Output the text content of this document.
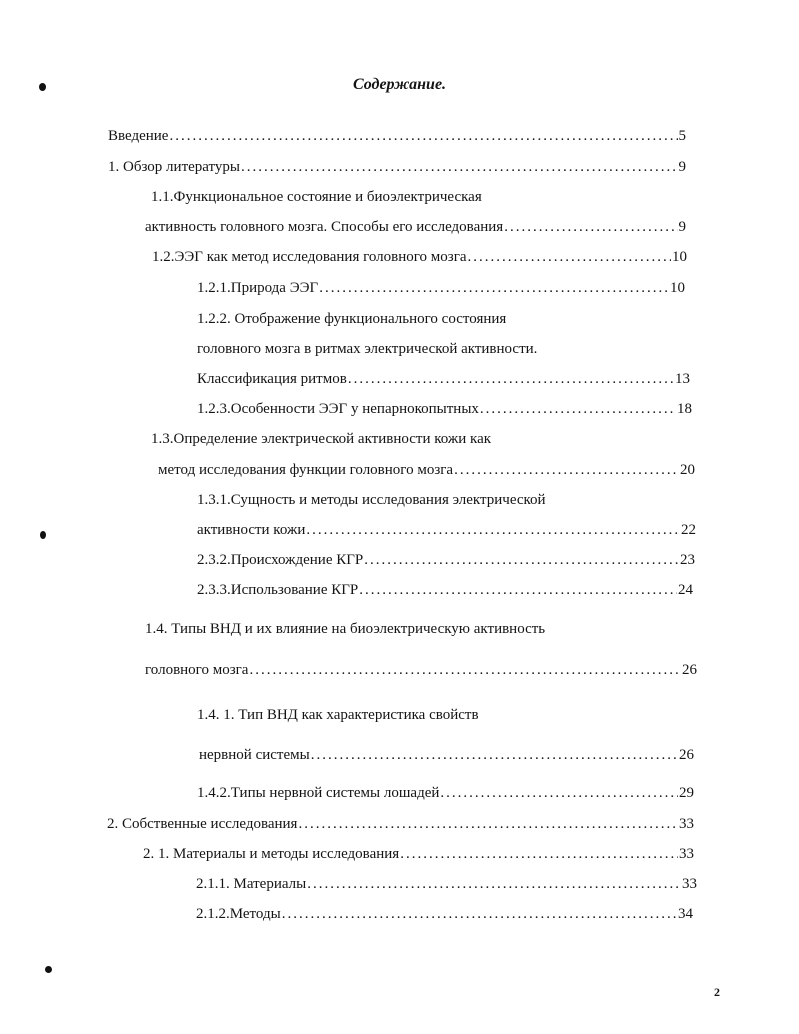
Содержание.
Введение .....	5
1. Обзор литературы .....	9
1.1.Функциональное состояние и биоэлектрическая
активность головного мозга. Способы его исследования .....	9
1.2.ЭЭГ как метод исследования головного мозга .....	10
1.2.1.Природа ЭЭГ .....	10
1.2.2. Отображение функционального состояния
головного мозга в ритмах электрической активности.
Классификация ритмов .....	13
1.2.3.Особенности ЭЭГ у непарнокопытных .....	18
1.3.Определение электрической активности кожи как
метод исследования функции головного мозга .....	20
1.3.1.Сущность и методы исследования электрической
активности кожи .....	22
2.3.2.Происхождение КГР .....	23
2.3.3.Использование КГР .....	24
1.4. Типы ВНД и их влияние на биоэлектрическую активность
головного мозга .....	26
1.4. 1. Тип ВНД как характеристика свойств
нервной системы .....	26
1.4.2.Типы нервной системы лошадей .....	29
2. Собственные исследования .....	33
2. 1. Материалы и методы исследования .....	33
2.1.1. Материалы .....	33
2.1.2.Методы .....	34
2
